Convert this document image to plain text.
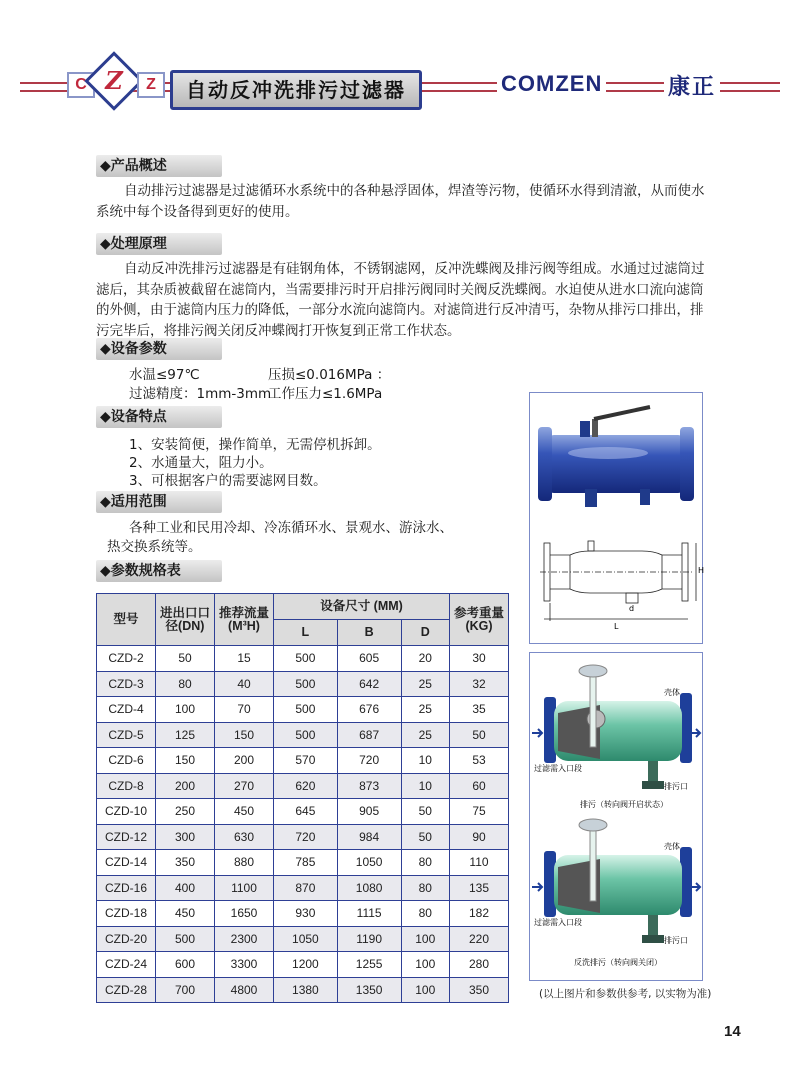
C Z	Z	自动反冲洗排污过滤器	COMZEN	康正
◆产品概述
自动排污过滤器是过滤循环水系统中的各种悬浮固体，焊渣等污物，使循环水得到清澈，从而使水系统中每个设备得到更好的使用。
◆处理原理
自动反冲洗排污过滤器是有硅钢角体，不锈钢滤网，反冲洗蝶阀及排污阀等组成。水通过过滤筒过滤后，其杂质被截留在滤筒内，当需要排污时开启排污阀同时关阀反洗蝶阀。水迫使从进水口流向滤筒的外侧，由于滤筒内压力的降低，一部分水流向滤筒内。对滤筒进行反冲清丐，杂物从排污口排出，排污完毕后，将排污阀关闭反冲蝶阀打开恢复到正常工作状态。
◆设备参数
水温≤97℃	压损≤0.016MPa ：
过滤精度：1mm-3mm
工作压力≤1.6MPa
◆设备特点
1、安装简便，操作简单，无需停机拆卸。
2、水通量大，阻力小。
3、可根据客户的需要滤网目数。
◆适用范围
各种工业和民用冷却、冷冻循环水、景观水、游泳水、
热交换系统等。
◆参数规格表
型号	进出口口径(DN)	推荐流量(M³H)	设备尺寸 (MM)			参考重量(KG)
			L	B	D	
CZD-2	50	15	500	605	20	30
CZD-3	80	40	500	642	25	32
CZD-4	100	70	500	676	25	35
CZD-5	125	150	500	687	25	50
CZD-6	150	200	570	720	10	53
CZD-8	200	270	620	873	10	60
CZD-10	250	450	645	905	50	75
CZD-12	300	630	720	984	50	90
CZD-14	350	880	785	1050	80	110
CZD-16	400	1100	870	1080	80	135
CZD-18	450	1650	930	1115	80	182
CZD-20	500	2300	1050	1190	100	220
CZD-24	600	3300	1200	1255	100	280
CZD-28	700	4800	1380	1350	100	350
L
H
d
壳体
过滤需入口段
排污口
排污（转向阀开启状态）
壳体
过滤需入口段
排污口
反洗排污（转向阀关闭）
(以上图片和参数供参考, 以实物为准)
14
